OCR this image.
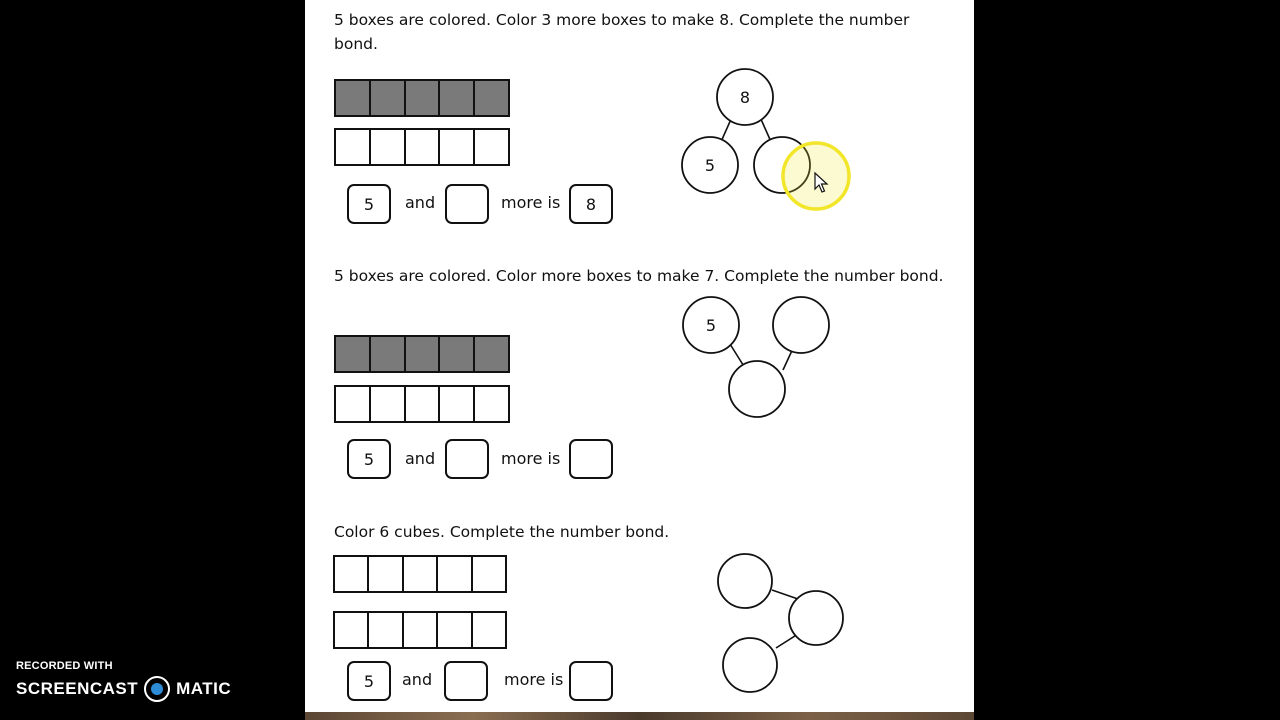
5 boxes are colored. Color 3 more boxes to make 8. Complete the number bond.
5	and	more is	8
8
5
5 boxes are colored. Color more boxes to make 7. Complete the number bond.
5	and	more is
5
Color 6 cubes. Complete the number bond.
5	and	more is
RECORDED WITH
SCREENCAST MATIC
